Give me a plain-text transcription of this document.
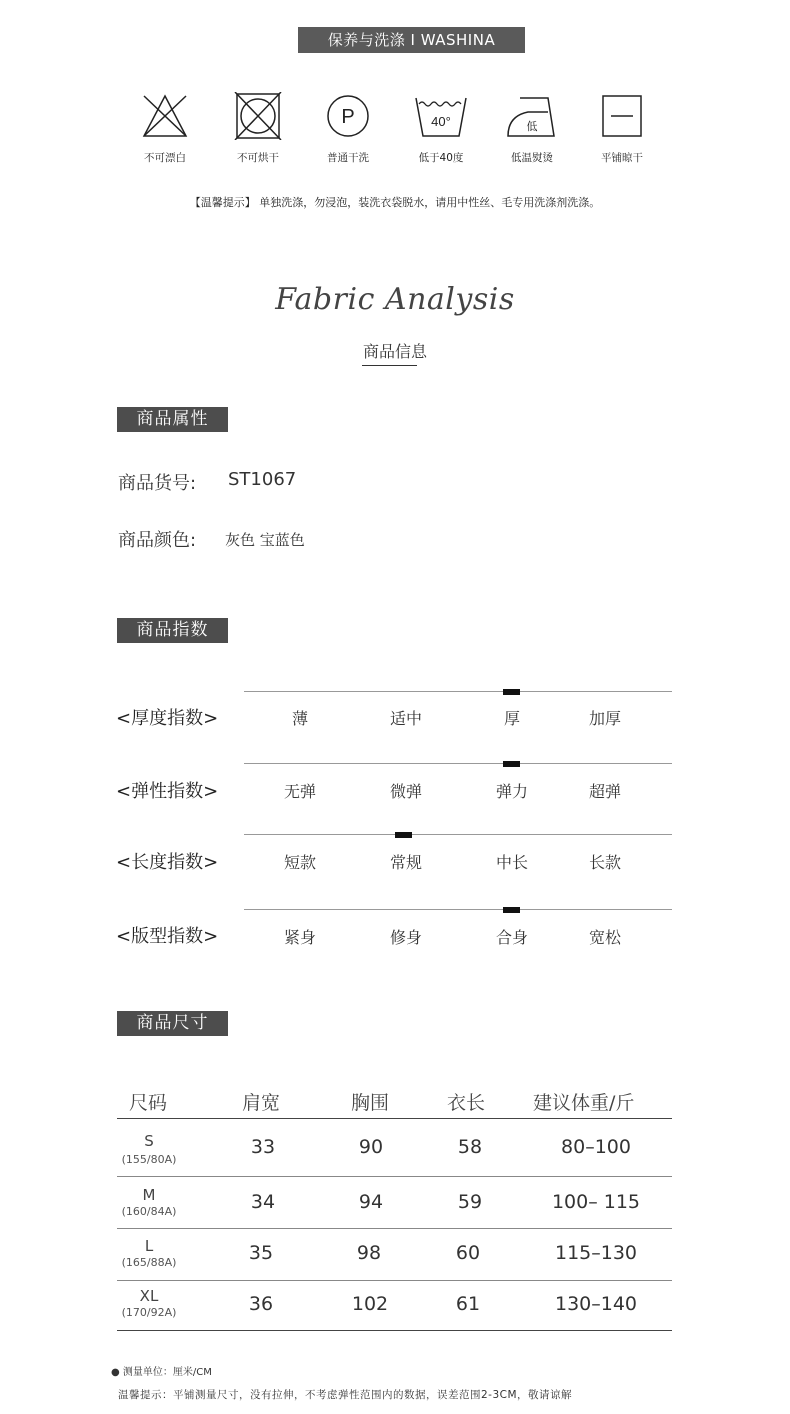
保养与洗涤 I WASHINA
不可漂白	不可烘干
P
普通干洗
40°
低于40度
低
低温熨烫	平铺晾干
【温馨提示】 单独洗涤，勿浸泡，装洗衣袋脱水，请用中性丝、毛专用洗涤剂洗涤。
Fabric Analysis
商品信息
商品属性
商品货号: ST1067
商品颜色: 灰色 宝蓝色
商品指数
<厚度指数>	薄	适中	厚	加厚
<弹性指数>	无弹	微弹	弹力	超弹
<长度指数>	短款	常规	中长	长款
<版型指数>	紧身	修身	合身	宽松
商品尺寸
尺码	肩宽	胸围	衣长	建议体重/斤
S
(155/80A)
33	90	58	80–100
M
(160/84A)	34	94	59	100– 115
L
(165/88A)	35	98	60	115–130
XL
(170/92A)	36	102	61	130–140
● 测量单位：厘米/CM
温馨提示：平铺测量尺寸，没有拉伸，不考虑弹性范围内的数据，误差范围2-3CM，敬请谅解
